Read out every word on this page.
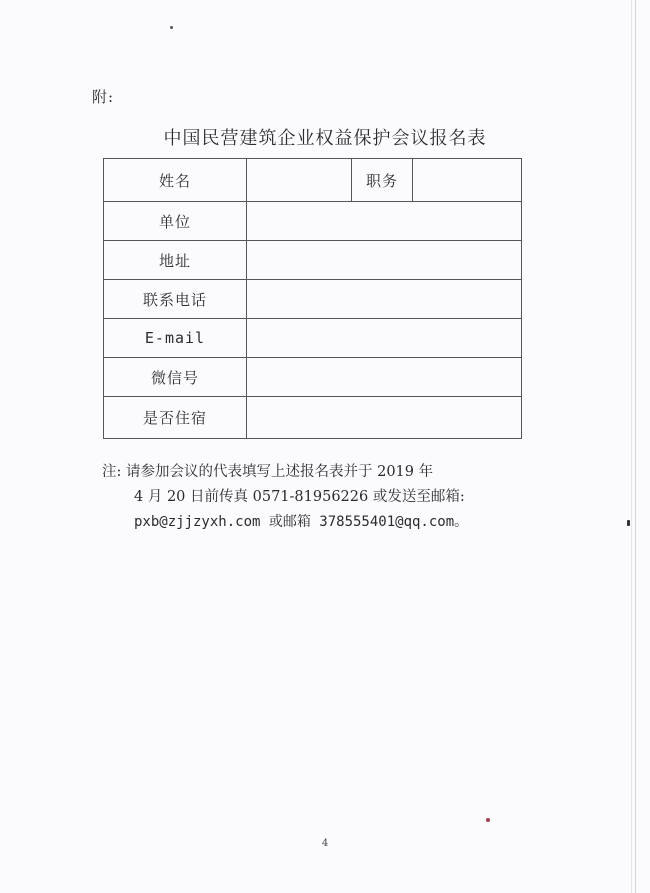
附:
中国民营建筑企业权益保护会议报名表
姓名		职务	
单位			
地址			
联系电话			
E-mail			
微信号			
是否住宿			
注: 请参加会议的代表填写上述报名表并于 2019 年
4 月 20 日前传真 0571-81956226 或发送至邮箱:
pxb@zjjzyxh.com 或邮箱 378555401@qq.com。
4
